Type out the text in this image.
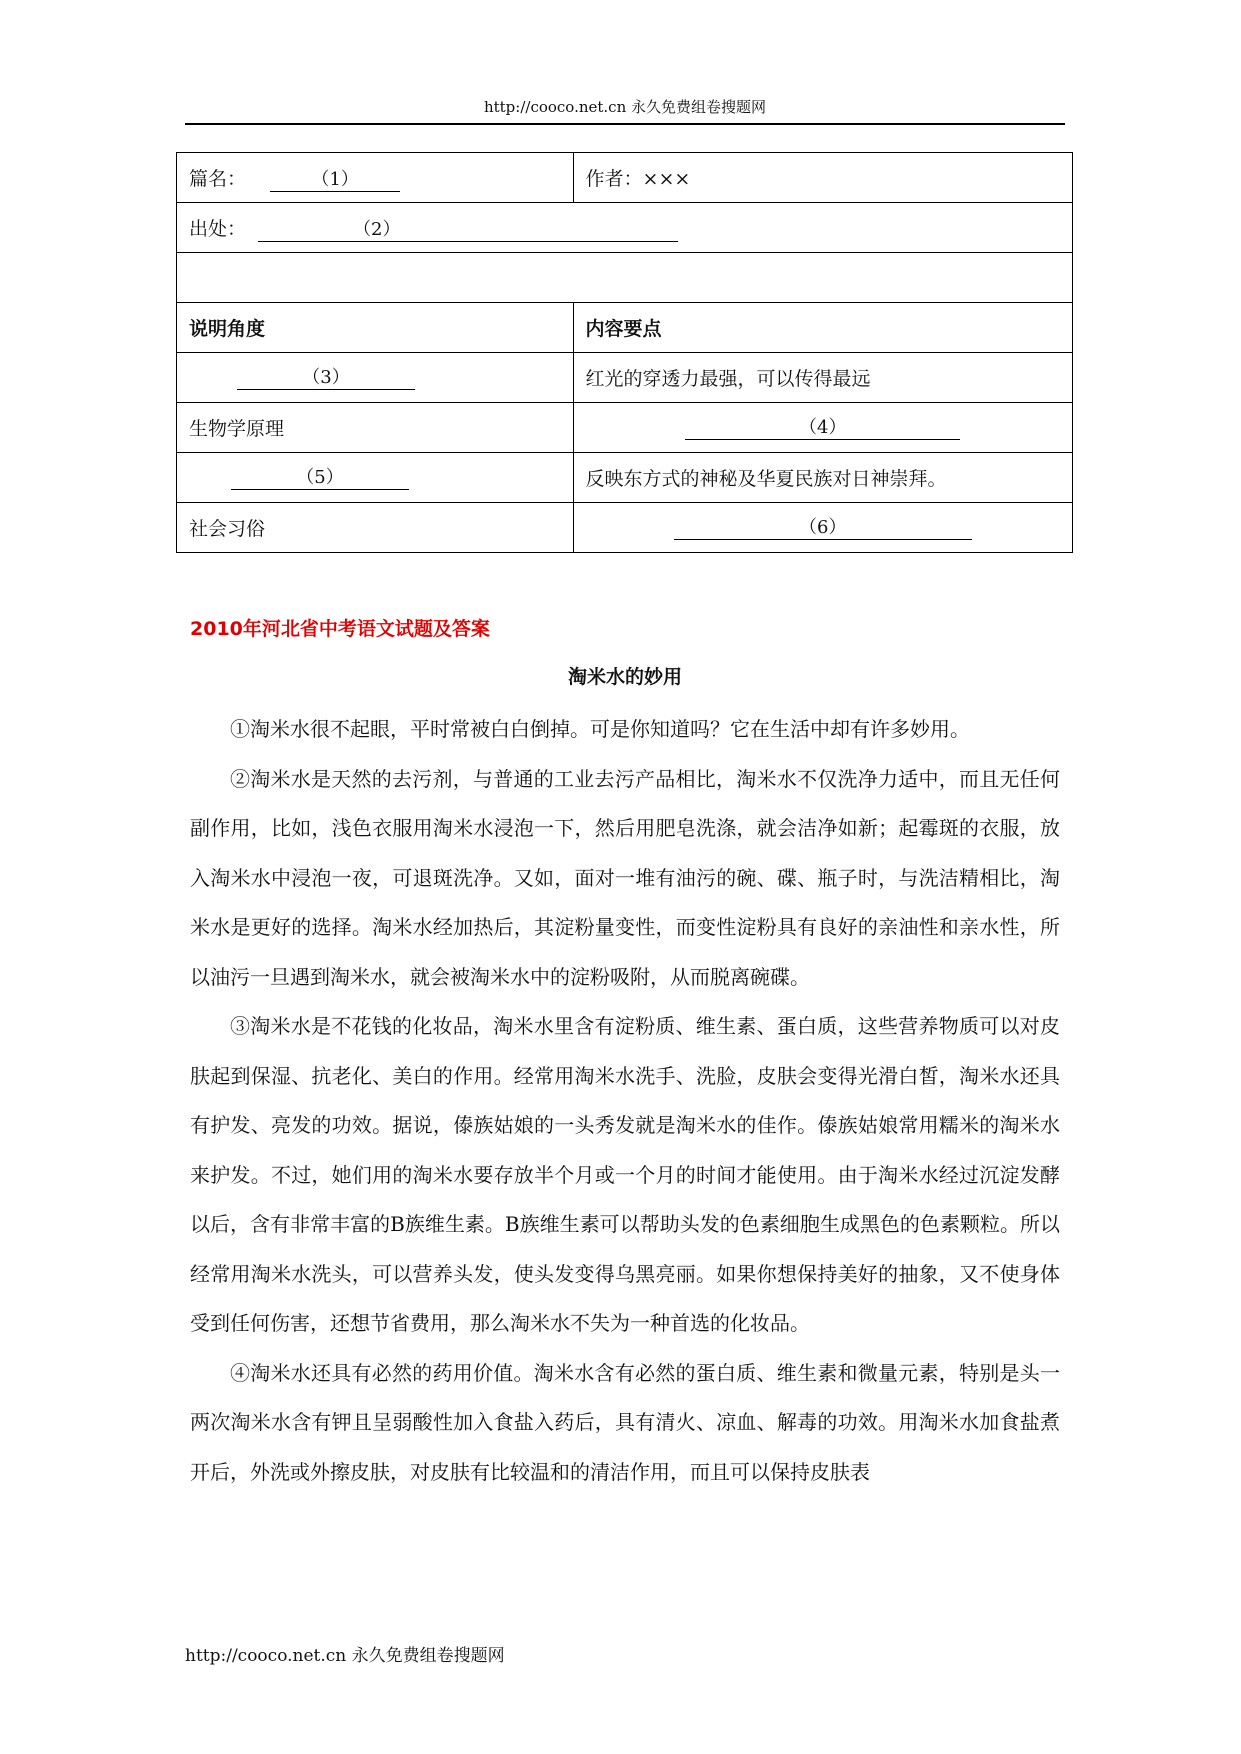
http://cooco.net.cn 永久免费组卷搜题网
篇名： （1）	作者：×××
出处： （2）	

说明角度	内容要点
（3）	红光的穿透力最强，可以传得最远
生物学原理	（4）
（5）	反映东方式的神秘及华夏民族对日神崇拜。
社会习俗	（6）
2010年河北省中考语文试题及答案
淘米水的妙用

①淘米水很不起眼，平时常被白白倒掉。可是你知道吗？它在生活中却有许多妙用。

②淘米水是天然的去污剂，与普通的工业去污产品相比，淘米水不仅洗净力适中，而且无任何副作用，比如，浅色衣服用淘米水浸泡一下，然后用肥皂洗涤，就会洁净如新；起霉斑的衣服，放入淘米水中浸泡一夜，可退斑洗净。又如，面对一堆有油污的碗、碟、瓶子时，与洗洁精相比，淘米水是更好的选择。淘米水经加热后，其淀粉量变性，而变性淀粉具有良好的亲油性和亲水性，所以油污一旦遇到淘米水，就会被淘米水中的淀粉吸附，从而脱离碗碟。

③淘米水是不花钱的化妆品，淘米水里含有淀粉质、维生素、蛋白质，这些营养物质可以对皮肤起到保湿、抗老化、美白的作用。经常用淘米水洗手、洗脸，皮肤会变得光滑白皙，淘米水还具有护发、亮发的功效。据说，傣族姑娘的一头秀发就是淘米水的佳作。傣族姑娘常用糯米的淘米水来护发。不过，她们用的淘米水要存放半个月或一个月的时间才能使用。由于淘米水经过沉淀发酵以后，含有非常丰富的B族维生素。B族维生素可以帮助头发的色素细胞生成黑色的色素颗粒。所以经常用淘米水洗头，可以营养头发，使头发变得乌黑亮丽。如果你想保持美好的抽象，又不使身体受到任何伤害，还想节省费用，那么淘米水不失为一种首选的化妆品。

④淘米水还具有必然的药用价值。淘米水含有必然的蛋白质、维生素和微量元素，特别是头一两次淘米水含有钾且呈弱酸性加入食盐入药后，具有清火、凉血、解毒的功效。用淘米水加食盐煮开后，外洗或外擦皮肤，对皮肤有比较温和的清洁作用，而且可以保持皮肤表

http://cooco.net.cn 永久免费组卷搜题网
